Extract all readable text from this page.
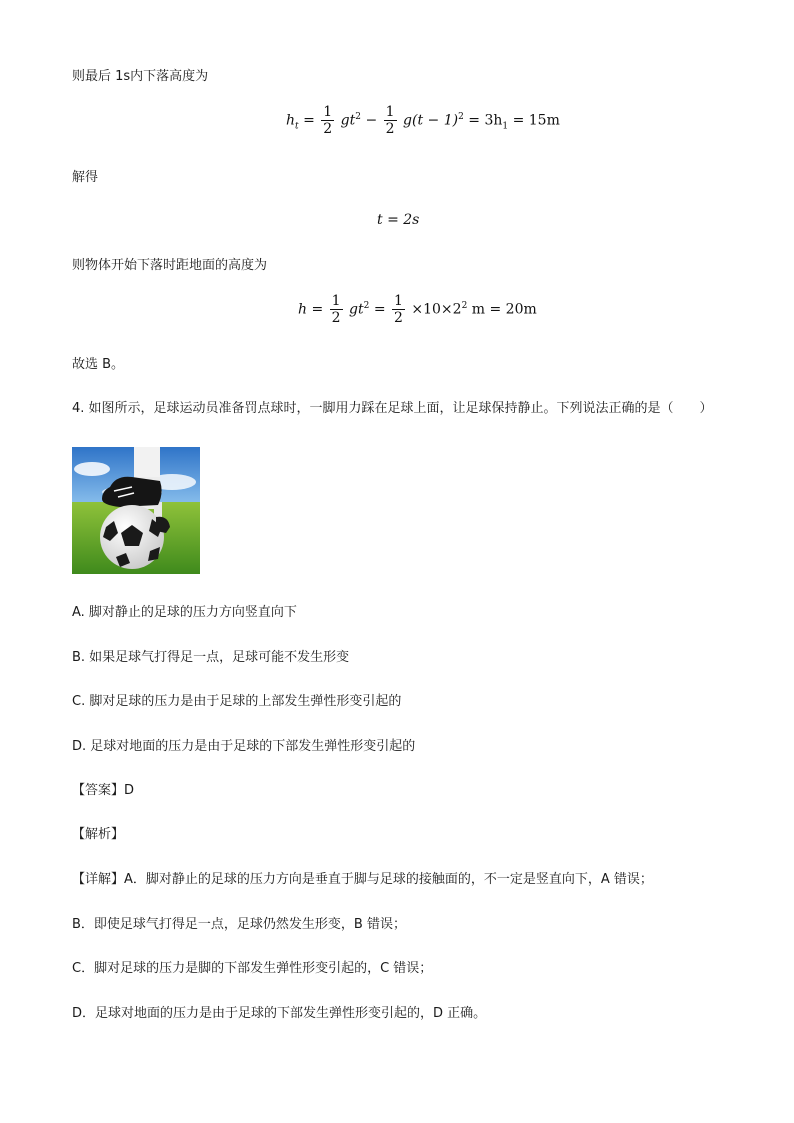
则最后 1s内下落高度为
$h_t = \frac{1}{2} gt^2 - \frac{1}{2} g(t - 1)^2 = 3h_1 = 15m$
解得
t = 2s
则物体开始下落时距地面的高度为
$h = \frac{1}{2} gt^2 = \frac{1}{2} \times 10\times 2^2$ m = 20m
故选 B。
4. 如图所示，足球运动员准备罚点球时，一脚用力踩在足球上面，让足球保持静止。下列说法正确的是（　　）
A. 脚对静止的足球的压力方向竖直向下
B. 如果足球气打得足一点，足球可能不发生形变
C. 脚对足球的压力是由于足球的上部发生弹性形变引起的
D. 足球对地面的压力是由于足球的下部发生弹性形变引起的
【答案】D
【解析】
【详解】A．脚对静止的足球的压力方向是垂直于脚与足球的接触面的，不一定是竖直向下，A 错误；
B．即使足球气打得足一点，足球仍然发生形变，B 错误；
C．脚对足球的压力是脚的下部发生弹性形变引起的，C 错误；
D．足球对地面的压力是由于足球的下部发生弹性形变引起的，D 正确。
